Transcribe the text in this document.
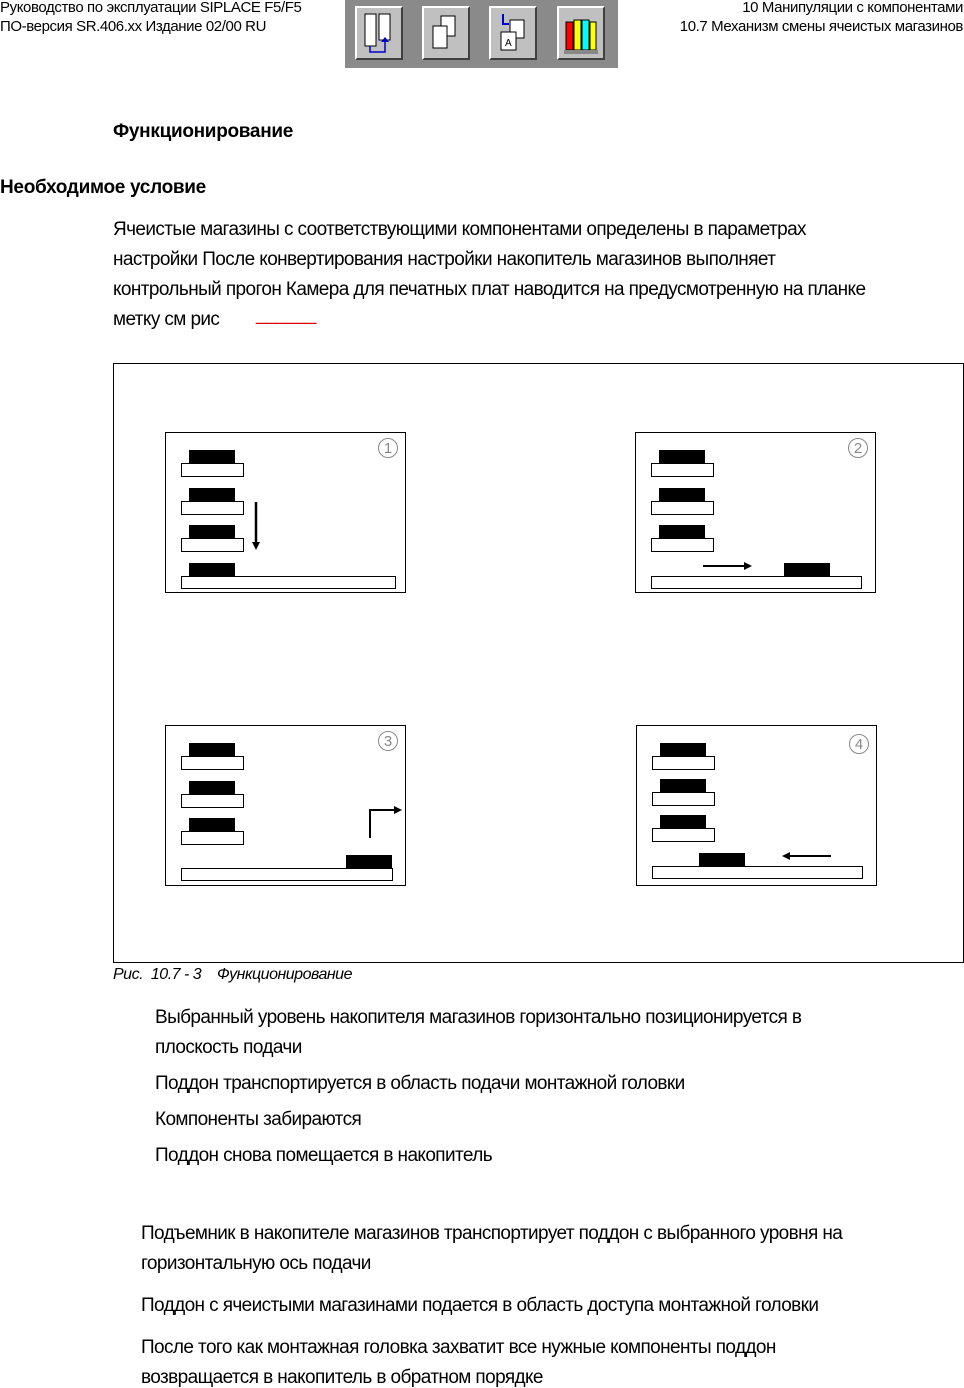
Руководство по эксплуатации SIPLACE F5/F5
ПО-версия SR.406.xx Издание 02/00 RU
10 Манипуляции с компонентами
10.7 Механизм смены ячеистых магазинов
A
Функционирование
Необходимое условие
Ячеистые магазины с соответствующими компонентами определены в параметрах
настройки После конвертирования настройки накопитель магазинов выполняет
контрольный прогон Камера для печатных плат наводится на предусмотренную на планке
метку см рис ______
1	2
3	4
Рис. 10.7 - 3 Функционирование
Выбранный уровень накопителя магазинов горизонтально позиционируется в
плоскость подачи
Поддон транспортируется в область подачи монтажной головки
Компоненты забираются
Поддон снова помещается в накопитель
Подъемник в накопителе магазинов транспортирует поддон с выбранного уровня на
горизонтальную ось подачи
Поддон с ячеистыми магазинами подается в область доступа монтажной головки
После того как монтажная головка захватит все нужные компоненты поддон
возвращается в накопитель в обратном порядке
